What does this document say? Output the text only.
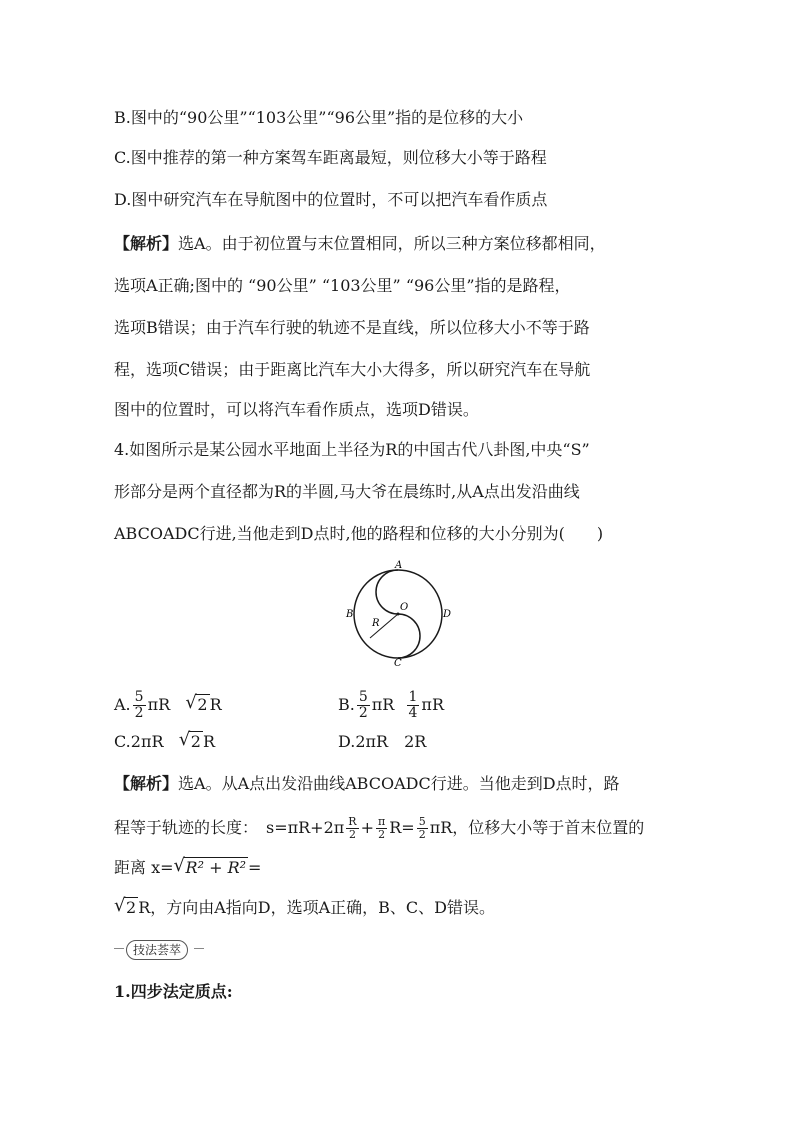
B.图中的“90公里”“103公里”“96公里”指的是位移的大小
C.图中推荐的第一种方案驾车距离最短，则位移大小等于路程
D.图中研究汽车在导航图中的位置时，不可以把汽车看作质点
【解析】选A。由于初位置与末位置相同，所以三种方案位移都相同，
选项A正确;图中的 “90公里” “103公里” “96公里”指的是路程，
选项B错误；由于汽车行驶的轨迹不是直线，所以位移大小不等于路
程，选项C错误；由于距离比汽车大小大得多，所以研究汽车在导航
图中的位置时，可以将汽车看作质点，选项D错误。
4.如图所示是某公园水平地面上半径为R的中国古代八卦图,中央“S”
形部分是两个直径都为R的半圆,马大爷在晨练时,从A点出发沿曲线
ABCOADC行进,当他走到D点时,他的路程和位移的大小分别为(　　)
A
B
C
D
O
R
A. $\frac{5}{2}$ πR √ 2 R	B. $\frac{5}{2}$ πR $\frac{1}{4}$ πR
C.2πR √ 2 R	D.2πR　2R
【解析】选A。从A点出发沿曲线ABCOADC行进。当他走到D点时，路
程等于轨迹的长度：　$s=\pi R+2\pi \frac{R}{2} + \frac{\pi}{2} R= \frac{5}{2}$ πR，位移大小等于首末位置的
距离 x= √ R² + R² =
√ 2 R，方向由A指向D，选项A正确，B、C、D错误。
技法荟萃
1.四步法定质点:
